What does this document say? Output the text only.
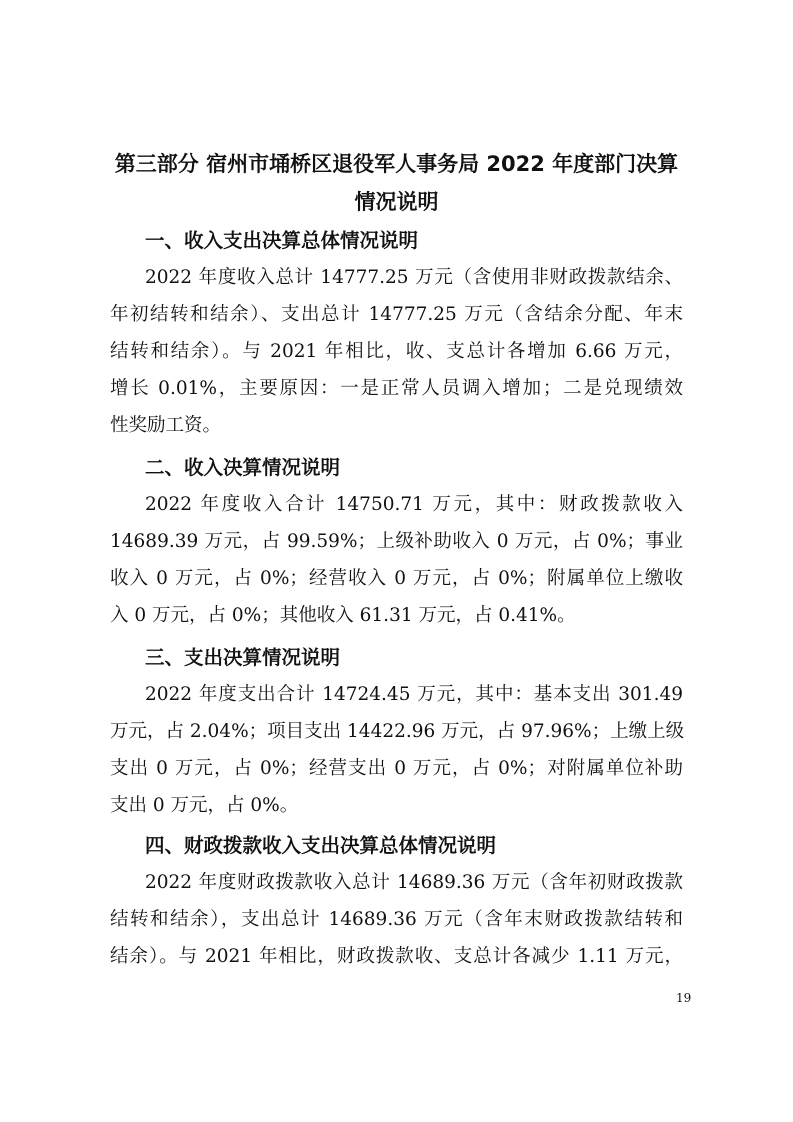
第三部分 宿州市埇桥区退役军人事务局 2022 年度部门决算
情况说明
一、收入支出决算总体情况说明

2022 年度收入总计 14777.25 万元（含使用非财政拨款结余、

年初结转和结余）、支出总计 14777.25 万元（含结余分配、年末

结转和结余）。与 2021 年相比，收、支总计各增加 6.66 万元，

增长 0.01%，主要原因：一是正常人员调入增加；二是兑现绩效

性奖励工资。

二、收入决算情况说明

2022 年度收入合计 14750.71 万元，其中：财政拨款收入

14689.39 万元，占 99.59%；上级补助收入 0 万元，占 0%；事业

收入 0 万元，占 0%；经营收入 0 万元，占 0%；附属单位上缴收

入 0 万元，占 0%；其他收入 61.31 万元，占 0.41%。

三、支出决算情况说明

2022 年度支出合计 14724.45 万元，其中：基本支出 301.49

万元，占 2.04%；项目支出 14422.96 万元，占 97.96%；上缴上级

支出 0 万元，占 0%；经营支出 0 万元，占 0%；对附属单位补助

支出 0 万元，占 0%。

四、财政拨款收入支出决算总体情况说明

2022 年度财政拨款收入总计 14689.36 万元（含年初财政拨款

结转和结余），支出总计 14689.36 万元（含年末财政拨款结转和

结余）。与 2021 年相比，财政拨款收、支总计各减少 1.11 万元，

19
